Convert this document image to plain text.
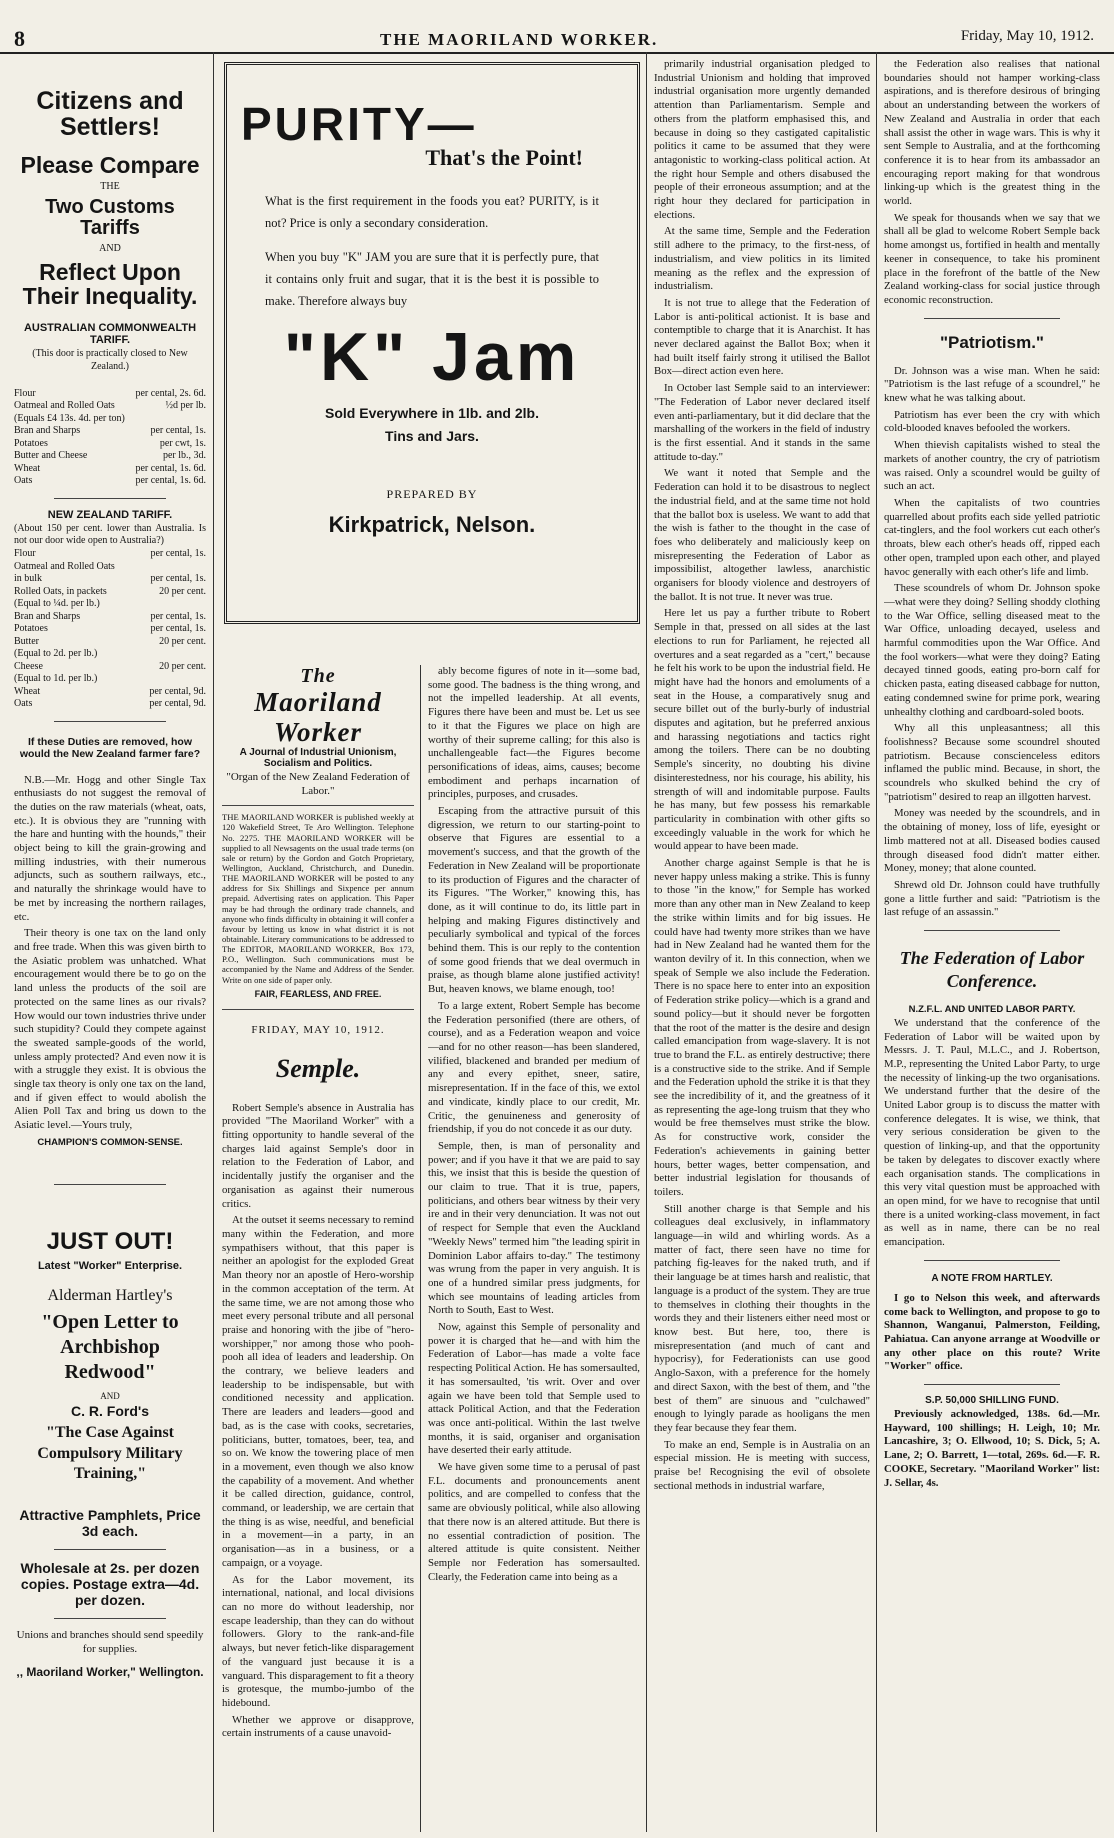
8	THE MAORILAND WORKER.	Friday, May 10, 1912.
Citizens and Settlers!
Please Compare
THE
Two Customs Tariffs
AND
Reflect Upon Their Inequality.
AUSTRALIAN COMMONWEALTH TARIFF.
(This door is practically closed to New Zealand.)
Flour	per cental, 2s. 6d.
Oatmeal and Rolled Oats	½d per lb.
(Equals £4 13s. 4d. per ton)
Bran and Sharps	per cental, 1s.
Potatoes	per cwt, 1s.
Butter and Cheese	per lb., 3d.
Wheat	per cental, 1s. 6d.
Oats	per cental, 1s. 6d.
NEW ZEALAND TARIFF.
(About 150 per cent. lower than Australia. Is not our door wide open to Australia?)
Flour	per cental, 1s.
Oatmeal and Rolled Oats
in bulk	per cental, 1s.
Rolled Oats, in packets	20 per cent.
(Equal to ¼d. per lb.)
Bran and Sharps	per cental, 1s.
Potatoes	per cental, 1s.
Butter	20 per cent.
(Equal to 2d. per lb.)
Cheese	20 per cent.
(Equal to 1d. per lb.)
Wheat	per cental, 9d.
Oats	per cental, 9d.
If these Duties are removed, how would the New Zealand farmer fare?

N.B.—Mr. Hogg and other Single Tax enthusiasts do not suggest the removal of the duties on the raw materials (wheat, oats, etc.). It is obvious they are "running with the hare and hunting with the hounds," their object being to kill the grain-growing and milling industries, with their numerous adjuncts, such as southern railways, etc., and naturally the shrinkage would have to be met by increasing the northern railages, etc.

Their theory is one tax on the land only and free trade. When this was given birth to the Asiatic problem was unhatched. What encouragement would there be to go on the land unless the products of the soil are protected on the same lines as our rivals? How would our town industries thrive under such stupidity? Could they compete against the sweated sample-goods of the world, unless amply protected? And even now it is with a struggle they exist. It is obvious the single tax theory is only one tax on the land, and if given effect to would abolish the Alien Poll Tax and bring us down to the Asiatic level.—Yours truly,

CHAMPION'S COMMON-SENSE.
JUST OUT!
Latest "Worker" Enterprise.
Alderman Hartley's
"Open Letter to Archbishop Redwood"
AND
C. R. Ford's
"The Case Against Compulsory Military Training,"
Attractive Pamphlets, Price 3d each.
Wholesale at 2s. per dozen copies. Postage extra—4d. per dozen.
Unions and branches should send speedily for supplies.
,, Maoriland Worker," Wellington.
PURITY—
That's the Point!
What is the first requirement in the foods you eat? PURITY, is it not? Price is only a secondary consideration.
When you buy "K" JAM you are sure that it is perfectly pure, that it contains only fruit and sugar, that it is the best it is possible to make. Therefore always buy
"K" Jam
Sold Everywhere in 1lb. and 2lb. Tins and Jars.
PREPARED BY
Kirkpatrick, Nelson.
The
Maoriland Worker
A Journal of Industrial Unionism, Socialism and Politics.
"Organ of the New Zealand Federation of Labor."
THE MAORILAND WORKER is published weekly at 120 Wakefield Street, Te Aro Wellington. Telephone No. 2275. THE MAORILAND WORKER will be supplied to all Newsagents on the usual trade terms (on sale or return) by the Gordon and Gotch Proprietary, Wellington, Auckland, Christchurch, and Dunedin. THE MAORILAND WORKER will be posted to any address for Six Shillings and Sixpence per annum prepaid. Advertising rates on application. This Paper may be had through the ordinary trade channels, and anyone who finds difficulty in obtaining it will confer a favour by letting us know in what district it is not obtainable. Literary communications to be addressed to The EDITOR, MAORILAND WORKER, Box 173, P.O., Wellington. Such communications must be accompanied by the Name and Address of the Sender. Write on one side of paper only.
FAIR, FEARLESS, AND FREE.
FRIDAY, MAY 10, 1912.
Semple.

Robert Semple's absence in Australia has provided "The Maoriland Worker" with a fitting opportunity to handle several of the charges laid against Semple's door in relation to the Federation of Labor, and incidentally justify the organiser and the organisation as against their numerous critics.

At the outset it seems necessary to remind many within the Federation, and more sympathisers without, that this paper is neither an apologist for the exploded Great Man theory nor an apostle of Hero-worship in the common acceptation of the term. At the same time, we are not among those who meet every personal tribute and all personal praise and honoring with the jibe of "hero-worshipper," nor among those who pooh-pooh all idea of leaders and leadership. On the contrary, we believe leaders and leadership to be indispensable, but with conditioned necessity and application. There are leaders and leaders—good and bad, as is the case with cooks, secretaries, politicians, butter, tomatoes, beer, tea, and so on. We know the towering place of men in a movement, even though we also know the capability of a movement. And whether it be called direction, guidance, control, command, or leadership, we are certain that the thing is as wise, needful, and beneficial in a movement—in a party, in an organisation—as in a business, or a campaign, or a voyage.

As for the Labor movement, its international, national, and local divisions can no more do without leadership, nor escape leadership, than they can do without followers. Glory to the rank-and-file always, but never fetich-like disparagement of the vanguard just because it is a vanguard. This disparagement to fit a theory is grotesque, the mumbo-jumbo of the hidebound.

Whether we approve or disapprove, certain instruments of a cause unavoid-

ably become figures of note in it—some bad, some good. The badness is the thing wrong, and not the impelled leadership. At all events, Figures there have been and must be. Let us see to it that the Figures we place on high are worthy of their supreme calling; for this also is unchallengeable fact—the Figures become personifications of ideas, aims, causes; become embodiment and perhaps incarnation of principles, purposes, and crusades.

Escaping from the attractive pursuit of this digression, we return to our starting-point to observe that Figures are essential to a movement's success, and that the growth of the Federation in New Zealand will be proportionate to its production of Figures and the character of its Figures. "The Worker," knowing this, has done, as it will continue to do, its little part in helping and making Figures distinctively and peculiarly symbolical and typical of the forces behind them. This is our reply to the contention of some good friends that we deal overmuch in praise, as though blame alone justified activity! But, heaven knows, we blame enough, too!

To a large extent, Robert Semple has become the Federation personified (there are others, of course), and as a Federation weapon and voice—and for no other reason—has been slandered, vilified, blackened and branded per medium of any and every epithet, sneer, satire, misrepresentation. If in the face of this, we extol and vindicate, kindly place to our credit, Mr. Critic, the genuineness and generosity of friendship, if you do not concede it as our duty.

Semple, then, is man of personality and power; and if you have it that we are paid to say this, we insist that this is beside the question of our claim to true. That it is true, papers, politicians, and others bear witness by their very ire and in their very denunciation. It was not out of respect for Semple that even the Auckland "Weekly News" termed him "the leading spirit in Dominion Labor affairs to-day." The testimony was wrung from the paper in very anguish. It is one of a hundred similar press judgments, for which see mountains of leading articles from North to South, East to West.

Now, against this Semple of personality and power it is charged that he—and with him the Federation of Labor—has made a volte face respecting Political Action. He has somersaulted, it has somersaulted, 'tis writ. Over and over again we have been told that Semple used to attack Political Action, and that the Federation was once anti-political. Within the last twelve months, it is said, organiser and organisation have deserted their early attitude.

We have given some time to a perusal of past F.L. documents and pronouncements anent politics, and are compelled to confess that the same are obviously political, while also allowing that there now is an altered attitude. But there is no essential contradiction of position. The altered attitude is quite consistent. Neither Semple nor Federation has somersaulted. Clearly, the Federation came into being as a

primarily industrial organisation pledged to Industrial Unionism and holding that improved industrial organisation more urgently demanded attention than Parliamentarism. Semple and others from the platform emphasised this, and because in doing so they castigated capitalistic politics it came to be assumed that they were antagonistic to working-class political action. At the right hour Semple and others disabused the people of their erroneous assumption; and at the right hour they declared for participation in elections.

At the same time, Semple and the Federation still adhere to the primacy, to the first-ness, of industrialism, and view politics in its limited meaning as the reflex and the expression of industrialism.

It is not true to allege that the Federation of Labor is anti-political actionist. It is base and contemptible to charge that it is Anarchist. It has never declared against the Ballot Box; when it had built itself fairly strong it utilised the Ballot Box—direct action even here.

In October last Semple said to an interviewer: "The Federation of Labor never declared itself even anti-parliamentary, but it did declare that the marshalling of the workers in the field of industry is the first essential. And it stands in the same attitude to-day."

We want it noted that Semple and the Federation can hold it to be disastrous to neglect the industrial field, and at the same time not hold that the ballot box is useless. We want to add that the wish is father to the thought in the case of foes who deliberately and maliciously keep on misrepresenting the Federation of Labor as impossibilist, altogether lawless, anarchistic organisers for bloody violence and destroyers of the ballot. It is not true. It never was true.

Here let us pay a further tribute to Robert Semple in that, pressed on all sides at the last elections to run for Parliament, he rejected all overtures and a seat regarded as a "cert," because he felt his work to be upon the industrial field. He might have had the honors and emoluments of a seat in the House, a comparatively snug and secure billet out of the burly-burly of industrial disputes and agitation, but he preferred anxious and harassing negotiations and tactics right among the toilers. There can be no doubting Semple's sincerity, no doubting his divine disinterestedness, nor his courage, his ability, his strength of will and indomitable purpose. Faults he has many, but few possess his remarkable particularity in combination with other gifts so exceedingly valuable in the work for which he would appear to have been made.

Another charge against Semple is that he is never happy unless making a strike. This is funny to those "in the know," for Semple has worked more than any other man in New Zealand to keep the strike within limits and for big issues. He could have had twenty more strikes than we have had in New Zealand had he wanted them for the wanton devilry of it. In this connection, when we speak of Semple we also include the Federation. There is no space here to enter into an exposition of Federation strike policy—which is a grand and sound policy—but it should never be forgotten that the root of the matter is the desire and design called emancipation from wage-slavery. It is not true to brand the F.L. as entirely destructive; there is a constructive side to the strike. And if Semple and the Federation uphold the strike it is that they see the incredibility of it, and the greatness of it as representing the age-long truism that they who would be free themselves must strike the blow. As for constructive work, consider the Federation's achievements in gaining better hours, better wages, better compensation, and better industrial legislation for thousands of toilers.

Still another charge is that Semple and his colleagues deal exclusively, in inflammatory language—in wild and whirling words. As a matter of fact, there seen have no time for patching fig-leaves for the naked truth, and if their language be at times harsh and realistic, that language is a product of the system. They are true to themselves in clothing their thoughts in the words they and their listeners either need most or know best. But here, too, there is misrepresentation (and much of cant and hypocrisy), for Federationists can use good Anglo-Saxon, with a preference for the homely and direct Saxon, with the best of them, and "the best of them" are sinuous and "culchawed" enough to lyingly parade as hooligans the men they fear because they fear them.

To make an end, Semple is in Australia on an especial mission. He is meeting with success, praise be! Recognising the evil of obsolete sectional methods in industrial warfare,

the Federation also realises that national boundaries should not hamper working-class aspirations, and is therefore desirous of bringing about an understanding between the workers of New Zealand and Australia in order that each shall assist the other in wage wars. This is why it sent Semple to Australia, and at the forthcoming conference it is to hear from its ambassador an encouraging report making for that wondrous linking-up which is the greatest thing in the world.

We speak for thousands when we say that we shall all be glad to welcome Robert Semple back home amongst us, fortified in health and mentally keener in consequence, to take his prominent place in the forefront of the battle of the New Zealand working-class for social justice through economic reconstruction.

"Patriotism."

Dr. Johnson was a wise man. When he said: "Patriotism is the last refuge of a scoundrel," he knew what he was talking about.

Patriotism has ever been the cry with which cold-blooded knaves befooled the workers.

When thievish capitalists wished to steal the markets of another country, the cry of patriotism was raised. Only a scoundrel would be guilty of such an act.

When the capitalists of two countries quarrelled about profits each side yelled patriotic cat-tinglers, and the fool workers cut each other's throats, blew each other's heads off, ripped each other open, trampled upon each other, and played havoc generally with each other's life and limb.

These scoundrels of whom Dr. Johnson spoke—what were they doing? Selling shoddy clothing to the War Office, selling diseased meat to the War Office, unloading decayed, useless and harmful commodities upon the War Office. And the fool workers—what were they doing? Eating decayed tinned goods, eating pro-born calf for chicken pasta, eating diseased cabbage for nutton, eating condemned swine for prime pork, wearing unhealthy clothing and cardboard-soled boots.

Why all this unpleasantness; all this foolishness? Because some scoundrel shouted patriotism. Because conscienceless editors inflamed the public mind. Because, in short, the scoundrels who skulked behind the cry of "patriotism" desired to reap an illgotten harvest.

Money was needed by the scoundrels, and in the obtaining of money, loss of life, eyesight or limb mattered not at all. Diseased bodies caused through diseased food didn't matter either. Money, money; that alone counted.

Shrewd old Dr. Johnson could have truthfully gone a little further and said: "Patriotism is the last refuge of an assassin."

The Federation of Labor Conference.
N.Z.F.L. AND UNITED LABOR PARTY.

We understand that the conference of the Federation of Labor will be waited upon by Messrs. J. T. Paul, M.L.C., and J. Robertson, M.P., representing the United Labor Party, to urge the necessity of linking-up the two organisations. We understand further that the desire of the United Labor group is to discuss the matter with conference delegates. It is wise, we think, that very serious consideration be given to the question of linking-up, and that the opportunity be taken by delegates to discover exactly where each organisation stands. The complications in this very vital question must be approached with an open mind, for we have to recognise that until there is a united working-class movement, in fact as well as in name, there can be no real emancipation.

A NOTE FROM HARTLEY.

I go to Nelson this week, and afterwards come back to Wellington, and propose to go to Shannon, Wanganui, Palmerston, Feilding, Pahiatua. Can anyone arrange at Woodville or any other place on this route? Write "Worker" office.

S.P. 50,000 SHILLING FUND.

Previously acknowledged, 138s. 6d.—Mr. Hayward, 100 shillings; H. Leigh, 10; Mr. Lancashire, 3; O. Ellwood, 10; S. Dick, 5; A. Lane, 2; O. Barrett, 1—total, 269s. 6d.—F. R. COOKE, Secretary. "Maoriland Worker" list: J. Sellar, 4s.
